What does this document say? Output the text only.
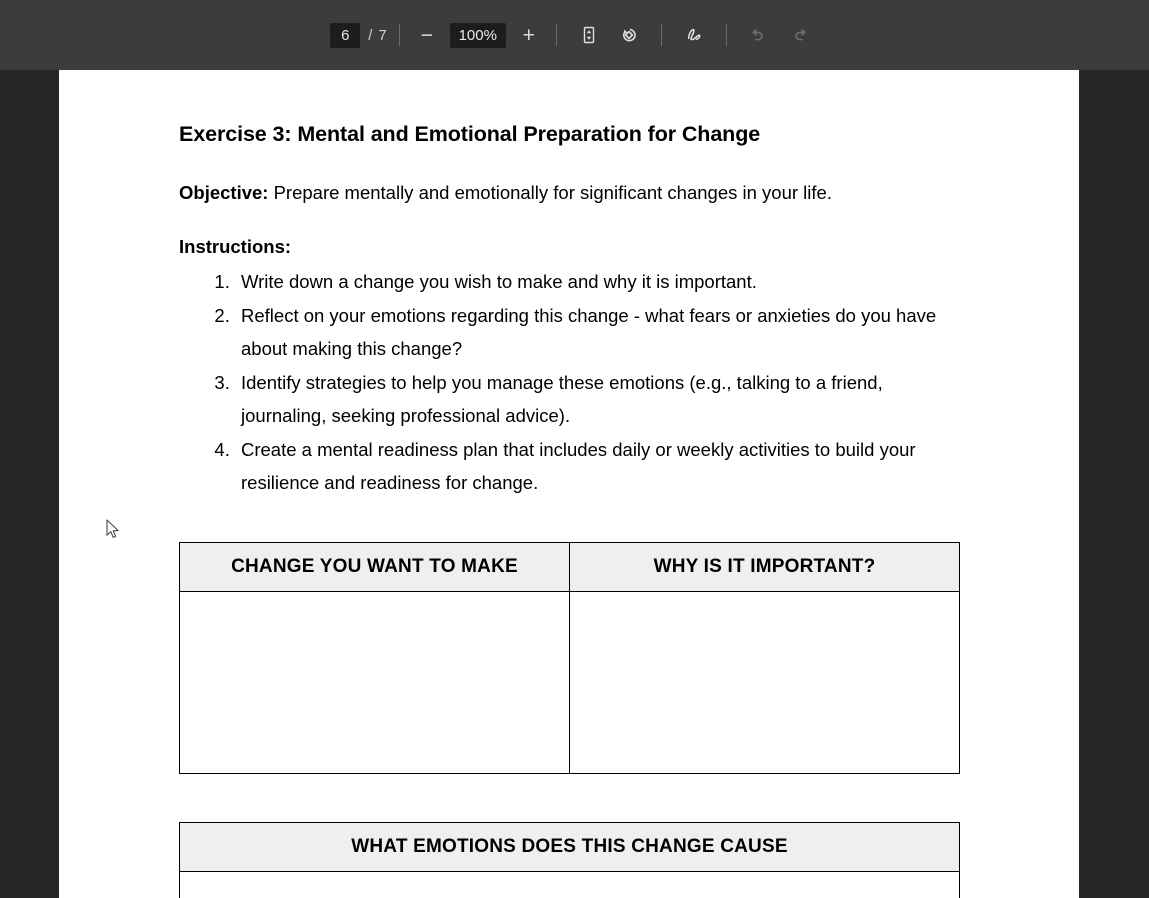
6
/ 7	−	100%	+
Exercise 3: Mental and Emotional Preparation for Change

Objective: Prepare mentally and emotionally for significant changes in your life.

Instructions:

1. Write down a change you wish to make and why it is important.
2. Reflect on your emotions regarding this change - what fears or anxieties do you have about making this change?
3. Identify strategies to help you manage these emotions (e.g., talking to a friend, journaling, seeking professional advice).
4. Create a mental readiness plan that includes daily or weekly activities to build your resilience and readiness for change.
CHANGE YOU WANT TO MAKE	WHY IS IT IMPORTANT?

WHAT EMOTIONS DOES THIS CHANGE CAUSE
